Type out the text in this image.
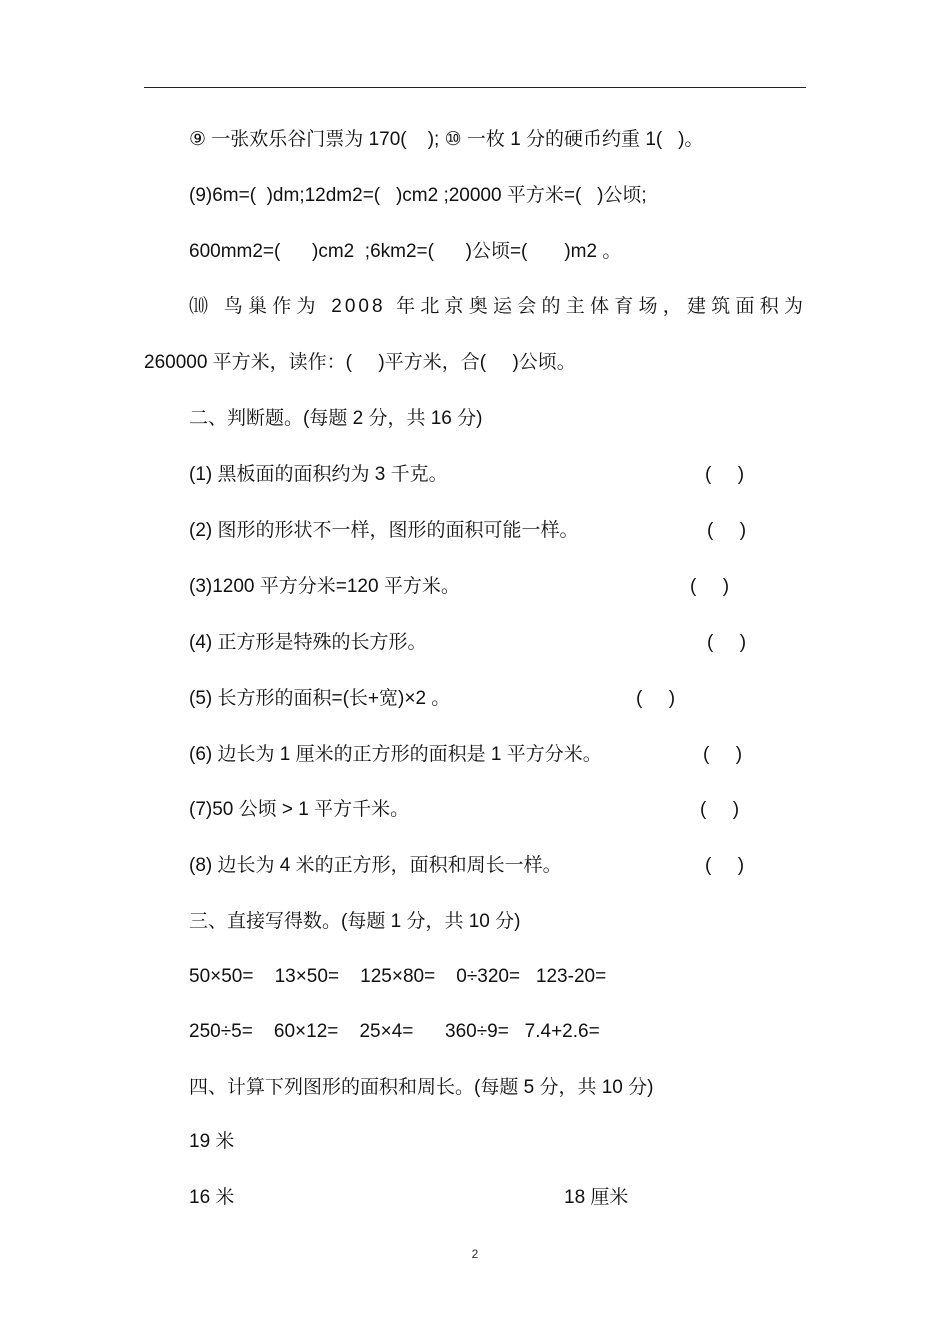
⑨ 一张欢乐谷门票为 170(    ); ⑩ 一枚 1 分的硬币约重 1(   )。
(9)6m=(  )dm;12dm2=(   )cm2 ;20000 平方米=(   )公顷;
600mm2=(      )cm2  ;6km2=(      )公顷=(       )m2 。
⑽ 鸟巢作为 2008 年北京奥运会的主体育场，建筑面积为
260000 平方米，读作：(     )平方米，合(     )公顷。
二、判断题。(每题 2 分，共 16 分)
(1) 黑板面的面积约为 3 千克。	(     )
(2) 图形的形状不一样，图形的面积可能一样。	(     )
(3)1200 平方分米=120 平方米。	(     )
(4) 正方形是特殊的长方形。	(     )
(5) 长方形的面积=(长+宽)×2 。	(     )
(6) 边长为 1 厘米的正方形的面积是 1 平方分米。	(     )
(7)50 公顷 > 1 平方千米。	(     )
(8) 边长为 4 米的正方形，面积和周长一样。	(     )
三、直接写得数。(每题 1 分，共 10 分)
50×50=    13×50=    125×80=    0÷320=   123-20=
250÷5=    60×12=    25×4=      360÷9=   7.4+2.6=
四、计算下列图形的面积和周长。(每题 5 分，共 10 分)
19 米
16 米	18 厘米
2
